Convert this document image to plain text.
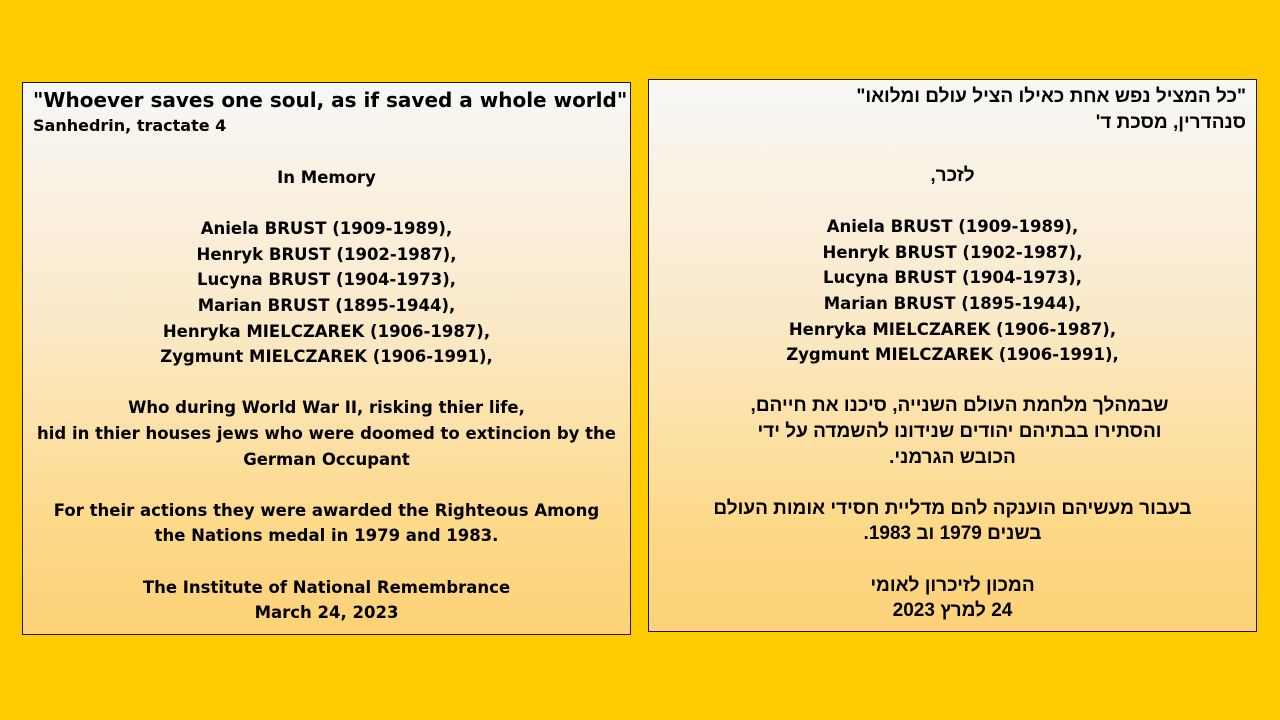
"Whoever saves one soul, as if saved a whole world"
Sanhedrin, tractate 4
In Memory
Aniela BRUST (1909-1989),
Henryk BRUST (1902-1987),
Lucyna BRUST (1904-1973),
Marian BRUST (1895-1944),
Henryka MIELCZAREK (1906-1987),
Zygmunt MIELCZAREK (1906-1991),
Who during World War II, risking thier life,
hid in thier houses jews who were doomed to extincion by the
German Occupant
For their actions they were awarded the Righteous Among
the Nations medal in 1979 and 1983.
The Institute of National Remembrance
March 24, 2023
"כל המציל נפש אחת כאילו הציל עולם ומלואו"
סנהדרין, מסכת ד'
לזכר,
Aniela BRUST (1909-1989),
Henryk BRUST (1902-1987),
Lucyna BRUST (1904-1973),
Marian BRUST (1895-1944),
Henryka MIELCZAREK (1906-1987),
Zygmunt MIELCZAREK (1906-1991),
שבמהלך מלחמת העולם השנייה, סיכנו את חייהם,
והסתירו בבתיהם יהודים שנידונו להשמדה על ידי
הכובש הגרמני.
בעבור מעשיהם הוענקה להם מדליית חסידי אומות העולם
בשנים 1979 וב 1983.
המכון לזיכרון לאומי
24 למרץ 2023
